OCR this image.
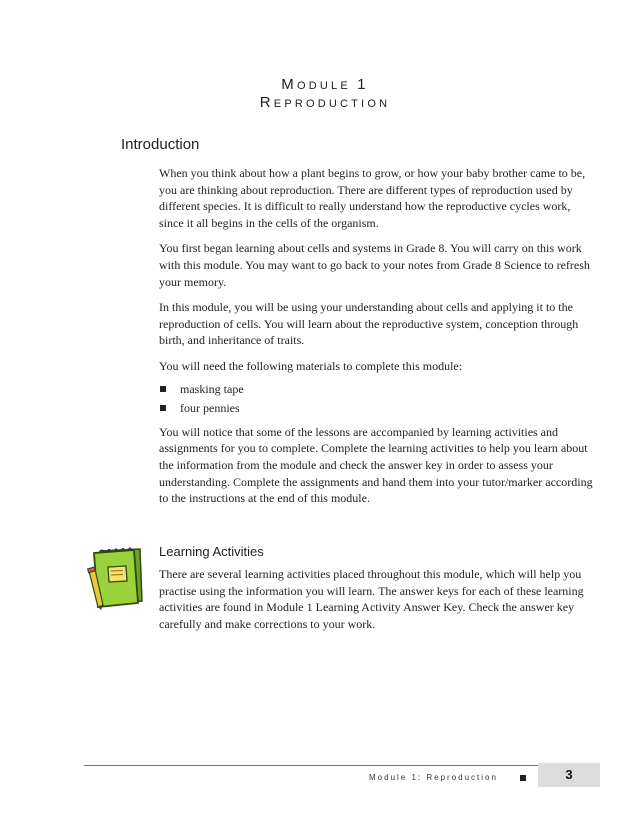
MODULE 1
REPRODUCTION
Introduction

When you think about how a plant begins to grow, or how your baby brother came to be, you are thinking about reproduction. There are different types of reproduction used by different species. It is difficult to really understand how the reproductive cycles work, since it all begins in the cells of the organism.

You first began learning about cells and systems in Grade 8. You will carry on this work with this module. You may want to go back to your notes from Grade 8 Science to refresh your memory.

In this module, you will be using your understanding about cells and applying it to the reproduction of cells. You will learn about the reproductive system, conception through birth, and inheritance of traits.

You will need the following materials to complete this module:

masking tape
four pennies

You will notice that some of the lessons are accompanied by learning activities and assignments for you to complete. Complete the learning activities to help you learn about the information from the module and check the answer key in order to assess your understanding. Complete the assignments and hand them into your tutor/marker according to the instructions at the end of this module.

Learning Activities
There are several learning activities placed throughout this module, which will help you practise using the information you will learn. The answer keys for each of these learning activities are found in Module 1 Learning Activity Answer Key. Check the answer key carefully and make corrections to your work.
Module 1: Reproduction	3
